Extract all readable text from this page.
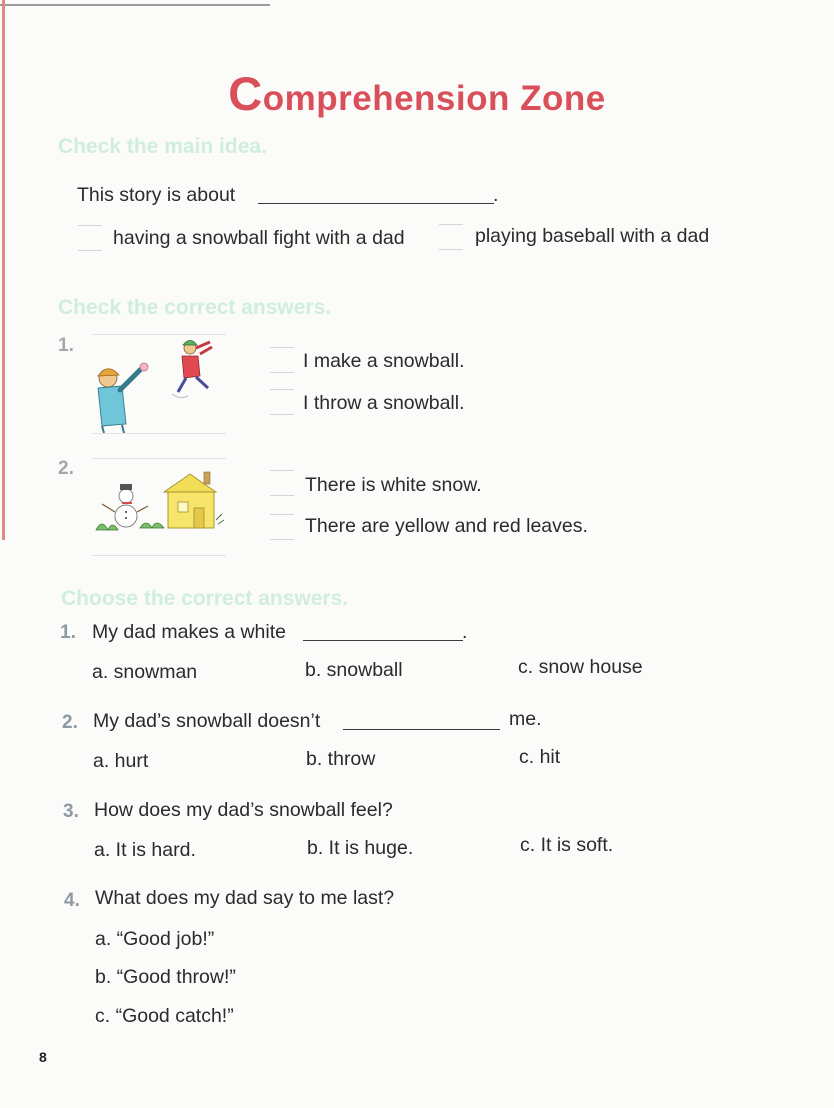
Comprehension Zone
Check the main idea.
This story is about	.
having a snowball fight with a dad	playing baseball with a dad
Check the correct answers.
1.
I make a snowball.
I throw a snowball.
2.
There is white snow.
There are yellow and red leaves.
Choose the correct answers.
1. My dad makes a white	.
a. snowman	b. snowball	c. snow house
2. My dad’s snowball doesn’t	me.
a. hurt	b. throw	c. hit
3. How does my dad’s snowball feel?
a. It is hard.	b. It is huge.	c. It is soft.
4. What does my dad say to me last?
a. “Good job!”
b. “Good throw!”
c. “Good catch!”
8
